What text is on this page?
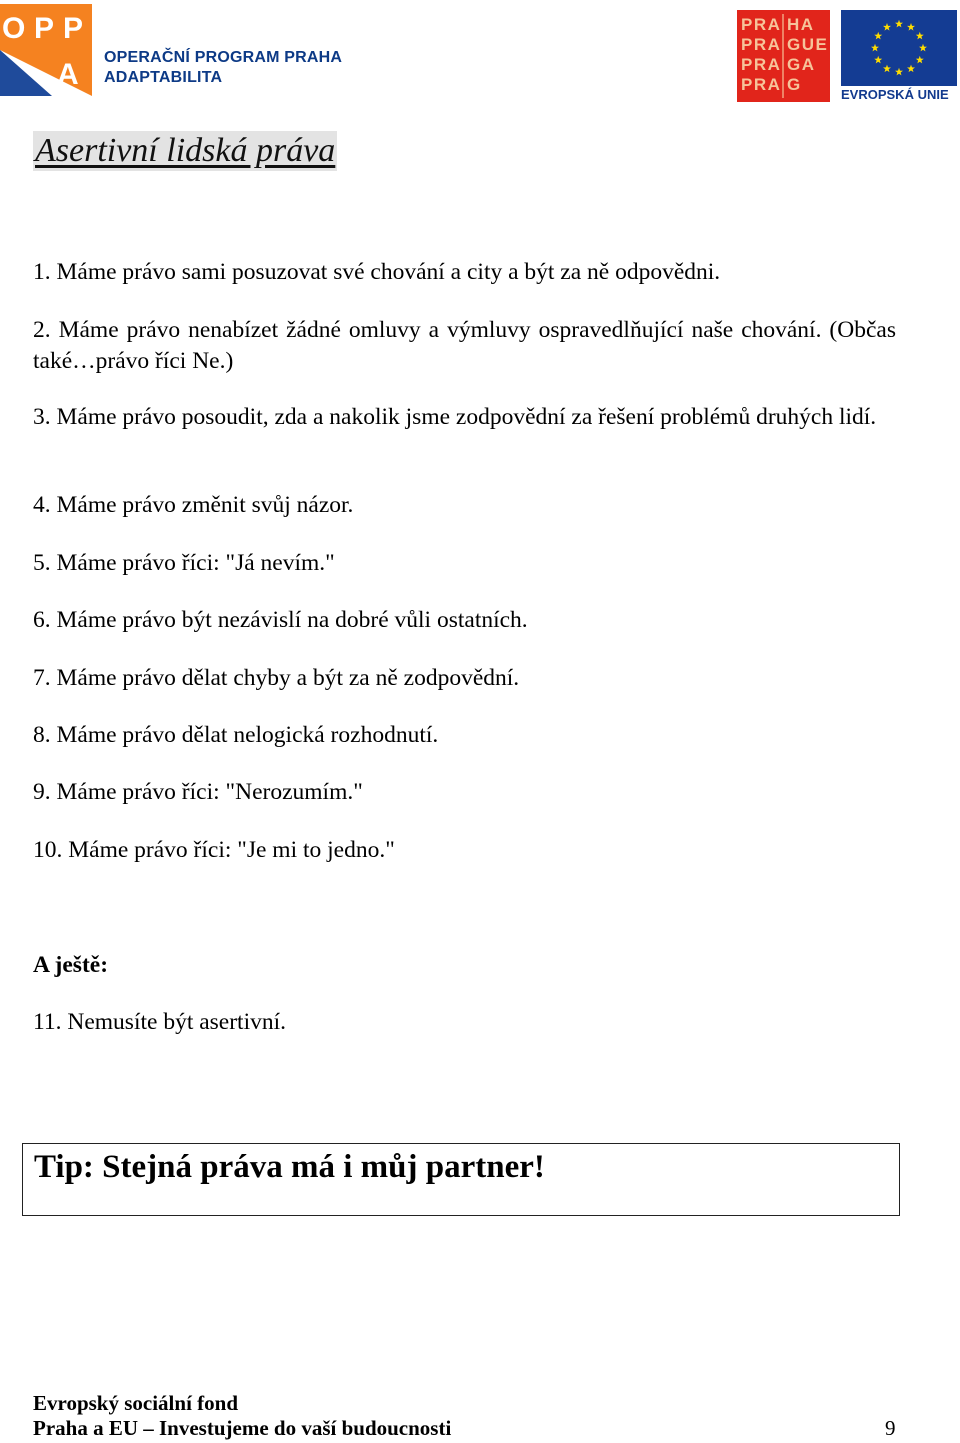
O P P
A
OPERAČNÍ PROGRAM PRAHA
ADAPTABILITA
PRA HA
PRA GUE
PRA GA
PRA G
EVROPSKÁ UNIE
Asertivní lidská práva

1. Máme právo sami posuzovat své chování a city a být za ně odpovědni.

2. Máme právo nenabízet žádné omluvy a výmluvy ospravedlňující naše chování. (Občas také…právo říci Ne.)

3. Máme právo posoudit, zda a nakolik jsme zodpovědní za řešení problémů druhých lidí.

4. Máme právo změnit svůj názor.

5. Máme právo říci: "Já nevím."

6. Máme právo být nezávislí na dobré vůli ostatních.

7. Máme právo dělat chyby a být za ně zodpovědní.

8. Máme právo dělat nelogická rozhodnutí.

9. Máme právo říci: "Nerozumím."

10. Máme právo říci: "Je mi to jedno."

A ještě:

11. Nemusíte být asertivní.

Tip: Stejná práva má i můj partner!
Evropský sociální fond
Praha a EU – Investujeme do vaší budoucnosti	9
